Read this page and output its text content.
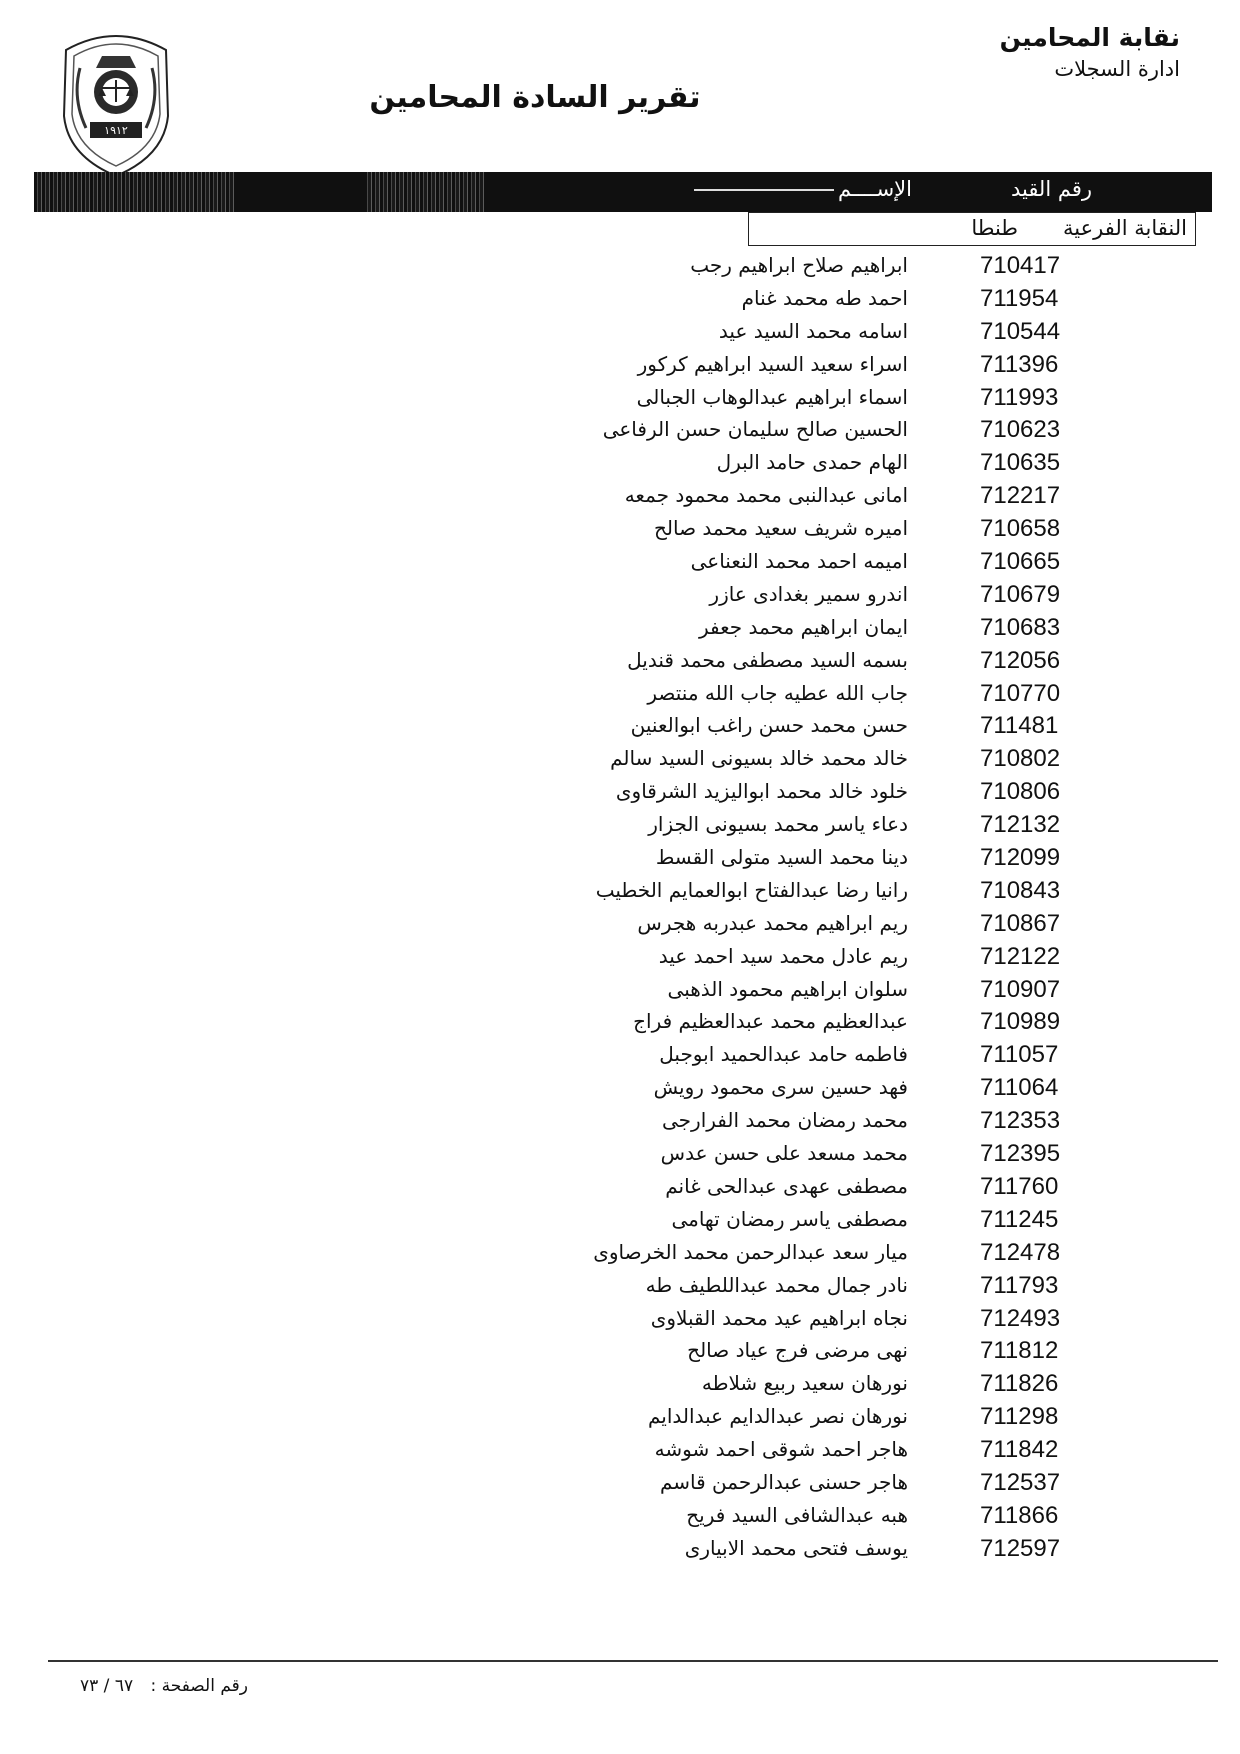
نقابة المحامين
ادارة السجلات
تقرير السادة المحامين
١٩١٢
رقم القيد
الإســــم
النقابة الفرعية
طنطا
710417
ابراهيم صلاح ابراهيم رجب
711954
احمد طه محمد غنام
710544
اسامه محمد السيد عيد
711396
اسراء سعيد السيد ابراهيم كركور
711993
اسماء ابراهيم عبدالوهاب الجبالى
710623
الحسين صالح سليمان حسن الرفاعى
710635
الهام حمدى حامد البرل
712217
امانى عبدالنبى محمد محمود جمعه
710658
اميره شريف سعيد محمد صالح
710665
اميمه احمد محمد النعناعى
710679
اندرو سمير بغدادى عازر
710683
ايمان ابراهيم محمد جعفر
712056
بسمه السيد مصطفى محمد قنديل
710770
جاب الله عطيه جاب الله منتصر
711481
حسن محمد حسن راغب ابوالعنين
710802
خالد محمد خالد بسيونى السيد سالم
710806
خلود خالد محمد ابواليزيد الشرقاوى
712132
دعاء ياسر محمد بسيونى الجزار
712099
دينا محمد السيد متولى القسط
710843
رانيا رضا عبدالفتاح ابوالعمايم الخطيب
710867
ريم ابراهيم محمد عبدربه هجرس
712122
ريم عادل محمد سيد احمد عيد
710907
سلوان ابراهيم محمود الذهبى
710989
عبدالعظيم محمد عبدالعظيم فراج
711057
فاطمه حامد عبدالحميد ابوجبل
711064
فهد حسين سرى محمود رويش
712353
محمد رمضان محمد الفرارجى
712395
محمد مسعد على حسن عدس
711760
مصطفى عهدى عبدالحى غانم
711245
مصطفى ياسر رمضان تهامى
712478
ميار سعد عبدالرحمن محمد الخرصاوى
711793
نادر جمال محمد عبداللطيف طه
712493
نجاه ابراهيم عيد محمد القبلاوى
711812
نهى مرضى فرج عياد صالح
711826
نورهان سعيد ربيع شلاطه
711298
نورهان نصر عبدالدايم عبدالدايم
711842
هاجر احمد شوقى احمد شوشه
712537
هاجر حسنى عبدالرحمن قاسم
711866
هبه عبدالشافى السيد فريح
712597
يوسف فتحى محمد الابيارى
رقم الصفحة : ٦٧ / ٧٣
